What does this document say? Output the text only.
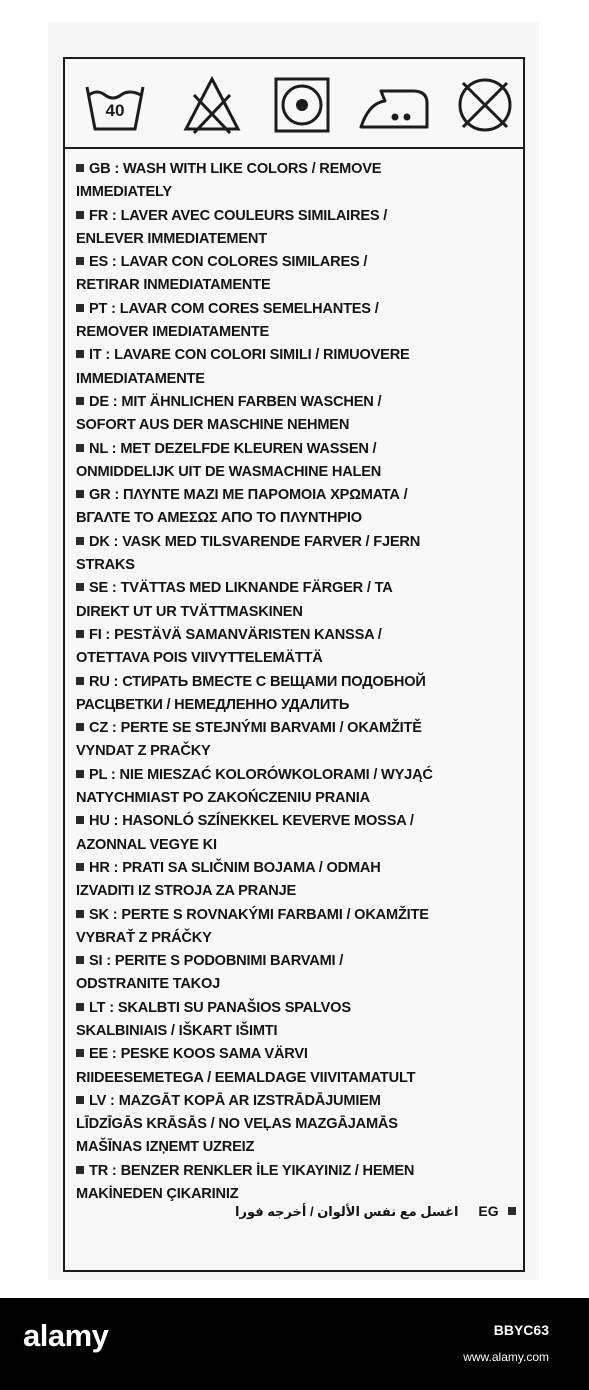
40
GB : WASH WITH LIKE COLORS / REMOVE
IMMEDIATELY
FR : LAVER AVEC COULEURS SIMILAIRES /
ENLEVER IMMEDIATEMENT
ES : LAVAR CON COLORES SIMILARES /
RETIRAR INMEDIATAMENTE
PT : LAVAR COM CORES SEMELHANTES /
REMOVER IMEDIATAMENTE
IT : LAVARE CON COLORI SIMILI / RIMUOVERE
IMMEDIATAMENTE
DE : MIT ÄHNLICHEN FARBEN WASCHEN /
SOFORT AUS DER MASCHINE NEHMEN
NL : MET DEZELFDE KLEUREN WASSEN /
ONMIDDELIJK UIT DE WASMACHINE HALEN
GR : ΠΛΥΝΤΕ ΜΑΖΙ ΜΕ ΠΑΡΟΜΟΙΑ ΧΡΩΜΑΤΑ /
ΒΓΑΛΤΕ ΤΟ ΑΜΕΣΩΣ ΑΠΟ ΤΟ ΠΛΥΝΤΗΡΙΟ
DK : VASK MED TILSVARENDE FARVER / FJERN
STRAKS
SE : TVÄTTAS MED LIKNANDE FÄRGER / TA
DIREKT UT UR TVÄTTMASKINEN
FI : PESTÄVÄ SAMANVÄRISTEN KANSSA /
OTETTAVA POIS VIIVYTTELEMÄTTÄ
RU : СТИРАТЬ ВМЕСТЕ С ВЕЩАМИ ПОДОБНОЙ
РАСЦВЕТКИ / НЕМЕДЛЕННО УДАЛИТЬ
CZ : PERTE SE STEJNÝMI BARVAMI / OKAMŽITĚ
VYNDAT Z PRAČKY
PL : NIE MIESZAĆ KOLORÓWKOLORAMI / WYJĄĆ
NATYCHMIAST PO ZAKOŃCZENIU PRANIA
HU : HASONLÓ SZÍNEKKEL KEVERVE MOSSA /
AZONNAL VEGYE KI
HR : PRATI SA SLIČNIM BOJAMA / ODMAH
IZVADITI IZ STROJA ZA PRANJE
SK : PERTE S ROVNAKÝMI FARBAMI / OKAMŽITE
VYBRAŤ Z PRÁČKY
SI : PERITE S PODOBNIMI BARVAMI /
ODSTRANITE TAKOJ
LT : SKALBTI SU PANAŠIOS SPALVOS
SKALBINIAIS / IŠKART IŠIMTI
EE : PESKE KOOS SAMA VÄRVI
RIIDEESEMETEGA / EEMALDAGE VIIVITAMATULT
LV : MAZGĀT KOPĀ AR IZSTRĀDĀJUMIEM
LĪDZĪGĀS KRĀSĀS / NO VEĻAS MAZGĀJAMĀS
MAŠĪNAS IZŅEMT UZREIZ
TR : BENZER RENKLER İLE YIKAYINIZ / HEMEN
MAKİNEDEN ÇIKARINIZ
اغسل مع نفس الألوان / أخرجه فورا EG
alamy	BBYC63
www.alamy.com
